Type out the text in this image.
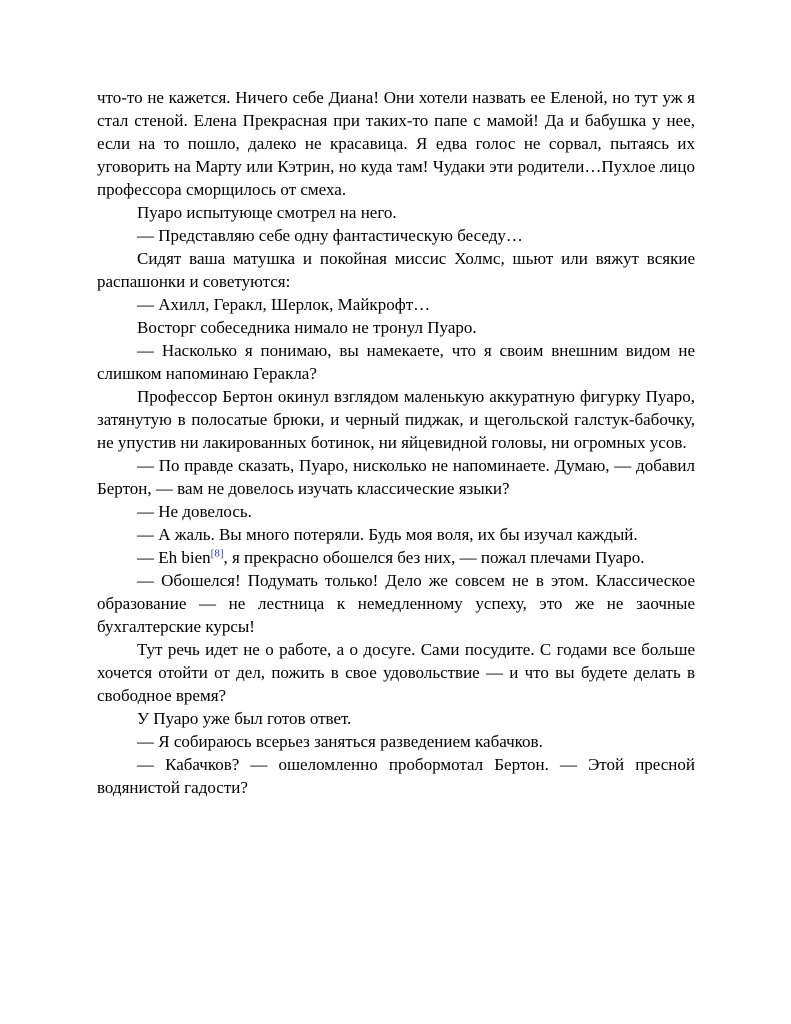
что-то не кажется. Ничего себе Диана! Они хотели назвать ее Еленой, но тут уж я стал стеной. Елена Прекрасная при таких-то папе с мамой! Да и бабушка у нее, если на то пошло, далеко не красавица. Я едва голос не сорвал, пытаясь их уговорить на Марту или Кэтрин, но куда там! Чудаки эти родители…Пухлое лицо профессора сморщилось от смеха.

Пуаро испытующе смотрел на него.

— Представляю себе одну фантастическую беседу…

Сидят ваша матушка и покойная миссис Холмс, шьют или вяжут всякие распашонки и советуются:

— Ахилл, Геракл, Шерлок, Майкрофт…

Восторг собеседника нимало не тронул Пуаро.

— Насколько я понимаю, вы намекаете, что я своим внешним видом не слишком напоминаю Геракла?

Профессор Бертон окинул взглядом маленькую аккуратную фигурку Пуаро, затянутую в полосатые брюки, и черный пиджак, и щегольской галстук-бабочку, не упустив ни лакированных ботинок, ни яйцевидной головы, ни огромных усов.

— По правде сказать, Пуаро, нисколько не напоминаете. Думаю, — добавил Бертон, — вам не довелось изучать классические языки?

— Не довелось.

— А жаль. Вы много потеряли. Будь моя воля, их бы изучал каждый.

— Eh bien[8], я прекрасно обошелся без них, — пожал плечами Пуаро.

— Обошелся! Подумать только! Дело же совсем не в этом. Классическое образование — не лестница к немедленному успеху, это же не заочные бухгалтерские курсы!

Тут речь идет не о работе, а о досуге. Сами посудите. С годами все больше хочется отойти от дел, пожить в свое удовольствие — и что вы будете делать в свободное время?

У Пуаро уже был готов ответ.

— Я собираюсь всерьез заняться разведением кабачков.

— Кабачков? — ошеломленно пробормотал Бертон. — Этой пресной водянистой гадости?
